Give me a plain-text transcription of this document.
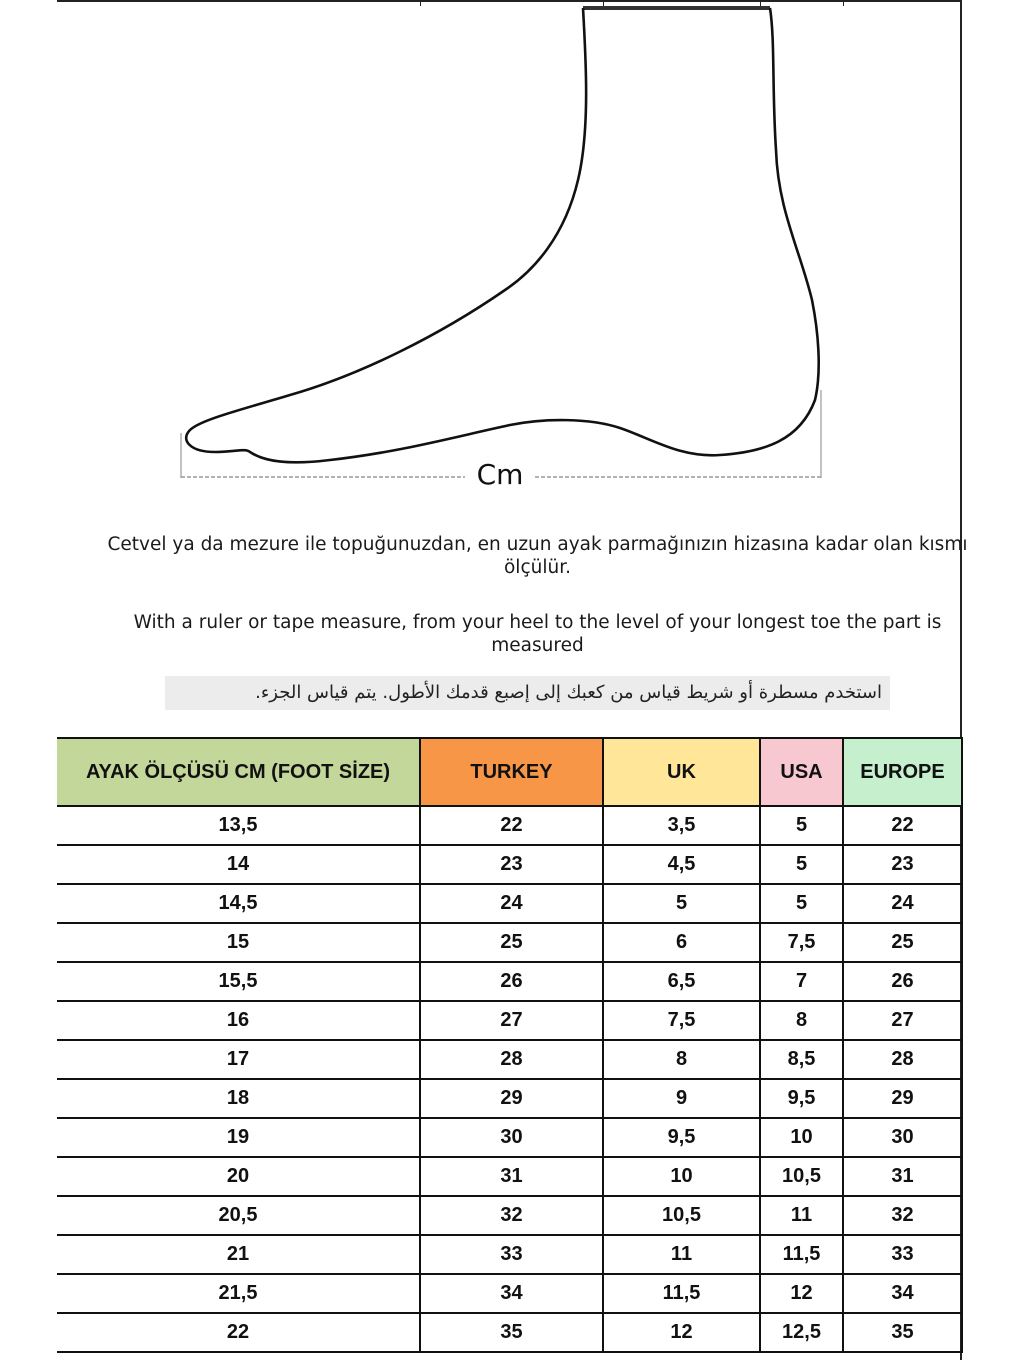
Cm
Cetvel ya da mezure ile topuğunuzdan, en uzun ayak parmağınızın hizasına kadar olan kısmı ölçülür.
With a ruler or tape measure, from your heel to the level of your longest toe the part is measured
استخدم مسطرة أو شريط قياس من كعبك إلى إصبع قدمك الأطول. يتم قياس الجزء.
AYAK ÖLÇÜSÜ CM (FOOT SİZE)	TURKEY	UK	USA	EUROPE
13,5	22	3,5	5	22
14	23	4,5	5	23
14,5	24	5	5	24
15	25	6	7,5	25
15,5	26	6,5	7	26
16	27	7,5	8	27
17	28	8	8,5	28
18	29	9	9,5	29
19	30	9,5	10	30
20	31	10	10,5	31
20,5	32	10,5	11	32
21	33	11	11,5	33
21,5	34	11,5	12	34
22	35	12	12,5	35
